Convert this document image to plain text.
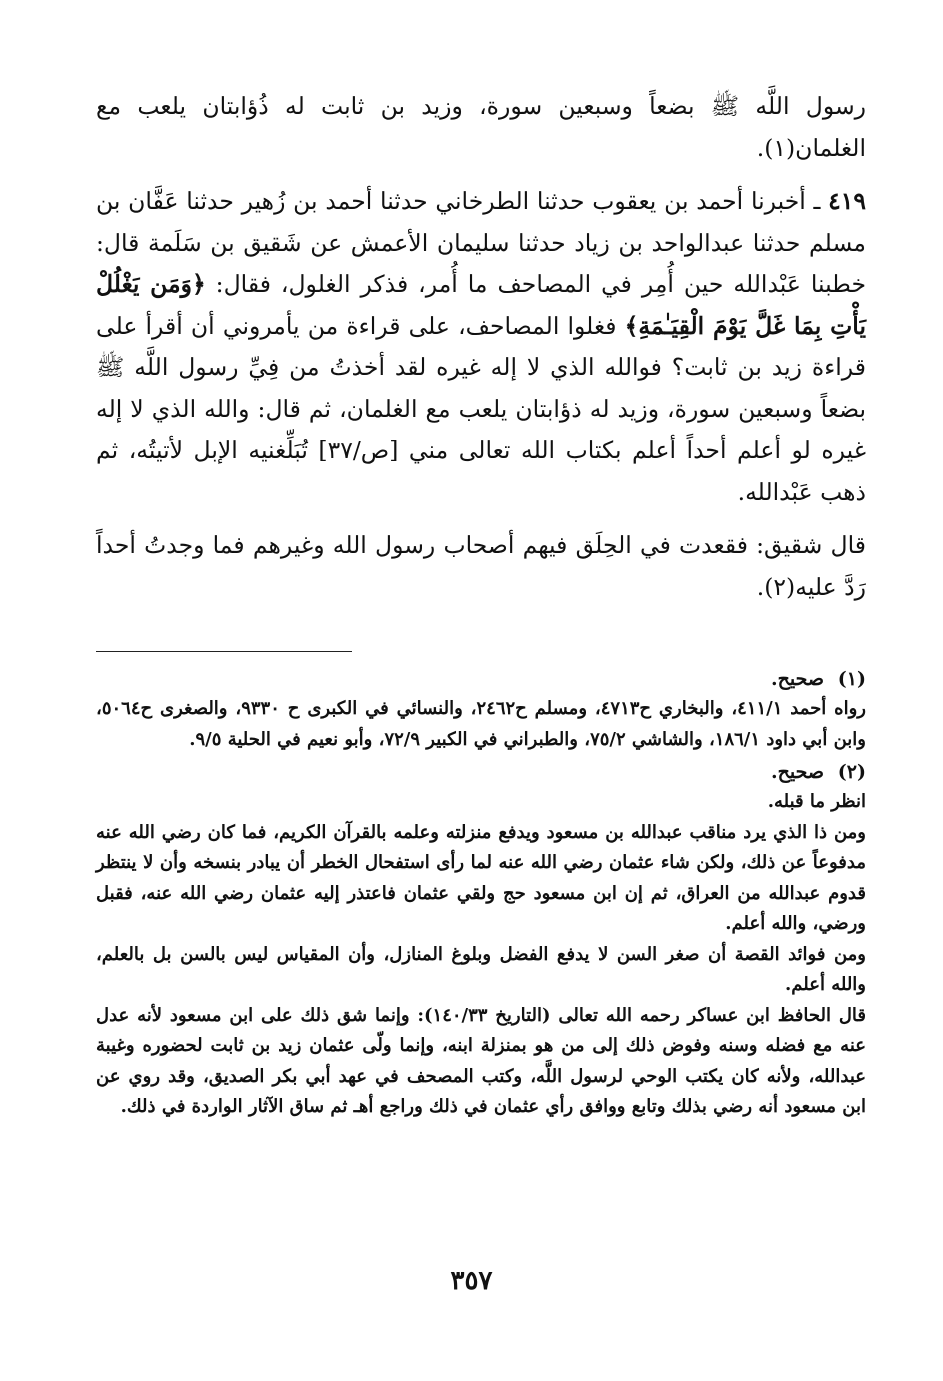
رسول اللَّه ﷺ بضعاً وسبعين سورة، وزيد بن ثابت له ذُؤابتان يلعب مع الغلمان(١).

٤١٩ ـ أخبرنا أحمد بن يعقوب حدثنا الطرخاني حدثنا أحمد بن زُهير حدثنا عَفَّان بن مسلم حدثنا عبدالواحد بن زياد حدثنا سليمان الأعمش عن شَقيق بن سَلَمة قال: خطبنا عَبْدالله حين أُمِر في المصاحف ما أُمر، فذكر الغلول، فقال: ﴿وَمَن يَغْلُلْ يَأْتِ بِمَا غَلَّ يَوْمَ الْقِيَـٰمَةِ﴾ فغلوا المصاحف، على قراءة من يأمروني أن أقرأ على قراءة زيد بن ثابت؟ فوالله الذي لا إله غيره لقد أخذتُ من فِيِّ رسول اللَّه ﷺ بضعاً وسبعين سورة، وزيد له ذؤابتان يلعب مع الغلمان، ثم قال: والله الذي لا إله غيره لو أعلم أحداً أعلم بكتاب الله تعالى مني [ص/٣٧] تُبَلِّغنيه الإبل لأتيتُه، ثم ذهب عَبْدالله.

قال شقيق: فقعدت في الحِلَق فيهم أصحاب رسول الله وغيرهم فما وجدتُ أحداً رَدَّ عليه(٢).

(١)صحيح.

رواه أحمد ٤١١/١، والبخاري ح٤٧١٣، ومسلم ح٢٤٦٢، والنسائي في الكبرى ح ٩٣٣٠، والصغرى ح٥٠٦٤، وابن أبي داود ١٨٦/١، والشاشي ٧٥/٢، والطبراني في الكبير ٧٢/٩، وأبو نعيم في الحلية ٩/٥.

(٢)صحيح.

انظر ما قبله.

ومن ذا الذي يرد مناقب عبدالله بن مسعود ويدفع منزلته وعلمه بالقرآن الكريم، فما كان رضي الله عنه مدفوعاً عن ذلك، ولكن شاء عثمان رضي الله عنه لما رأى استفحال الخطر أن يبادر بنسخه وأن لا ينتظر قدوم عبدالله من العراق، ثم إن ابن مسعود حج ولقي عثمان فاعتذر إليه عثمان رضي الله عنه، فقبل ورضي، والله أعلم.

ومن فوائد القصة أن صغر السن لا يدفع الفضل وبلوغ المنازل، وأن المقياس ليس بالسن بل بالعلم، والله أعلم.

قال الحافظ ابن عساكر رحمه الله تعالى (التاريخ ١٤٠/٣٣): وإنما شق ذلك على ابن مسعود لأنه عدل عنه مع فضله وسنه وفوض ذلك إلى من هو بمنزلة ابنه، وإنما ولّى عثمان زيد بن ثابت لحضوره وغيبة عبدالله، ولأنه كان يكتب الوحي لرسول اللَّه، وكتب المصحف في عهد أبي بكر الصديق، وقد روي عن ابن مسعود أنه رضي بذلك وتابع ووافق رأي عثمان في ذلك وراجع أهـ ثم ساق الآثار الواردة في ذلك.

٣٥٧
